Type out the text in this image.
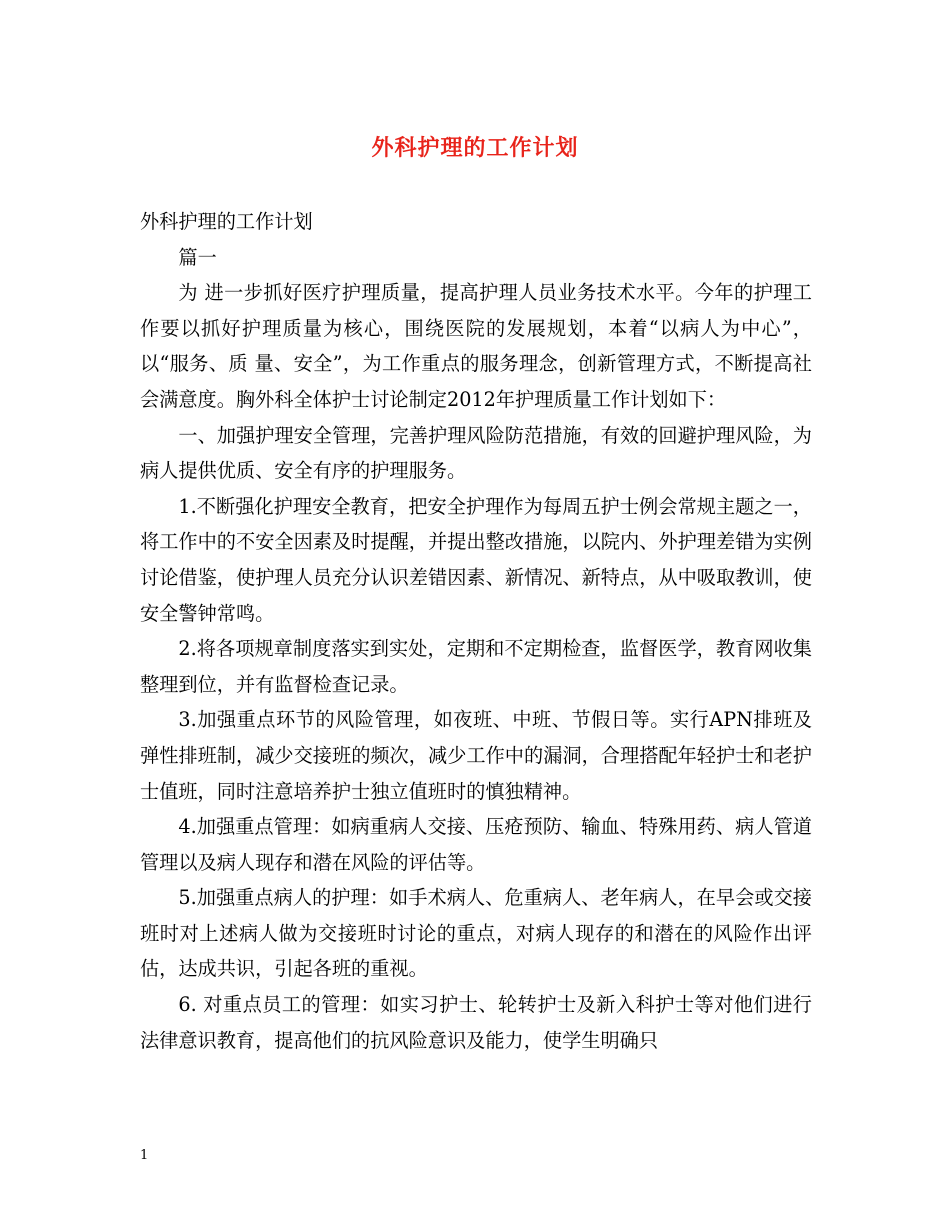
外科护理的工作计划

外科护理的工作计划

篇一

为 进一步抓好医疗护理质量，提高护理人员业务技术水平。今年的护理工作要以抓好护理质量为核心，围绕医院的发展规划，本着“以病人为中心”，以“服务、质 量、安全”，为工作重点的服务理念，创新管理方式，不断提高社会满意度。胸外科全体护士讨论制定2012年护理质量工作计划如下：

一、加强护理安全管理，完善护理风险防范措施，有效的回避护理风险，为病人提供优质、安全有序的护理服务。

1.不断强化护理安全教育，把安全护理作为每周五护士例会常规主题之一，将工作中的不安全因素及时提醒，并提出整改措施，以院内、外护理差错为实例讨论借鉴，使护理人员充分认识差错因素、新情况、新特点，从中吸取教训，使安全警钟常鸣。

2.将各项规章制度落实到实处，定期和不定期检查，监督医学，教育网收集整理到位，并有监督检查记录。

3.加强重点环节的风险管理，如夜班、中班、节假日等。实行APN排班及弹性排班制，减少交接班的频次，减少工作中的漏洞，合理搭配年轻护士和老护士值班，同时注意培养护士独立值班时的慎独精神。

4.加强重点管理：如病重病人交接、压疮预防、输血、特殊用药、病人管道管理以及病人现存和潜在风险的评估等。

5.加强重点病人的护理：如手术病人、危重病人、老年病人，在早会或交接班时对上述病人做为交接班时讨论的重点，对病人现存的和潜在的风险作出评估，达成共识，引起各班的重视。

6. 对重点员工的管理：如实习护士、轮转护士及新入科护士等对他们进行法律意识教育，提高他们的抗风险意识及能力，使学生明确只

1
